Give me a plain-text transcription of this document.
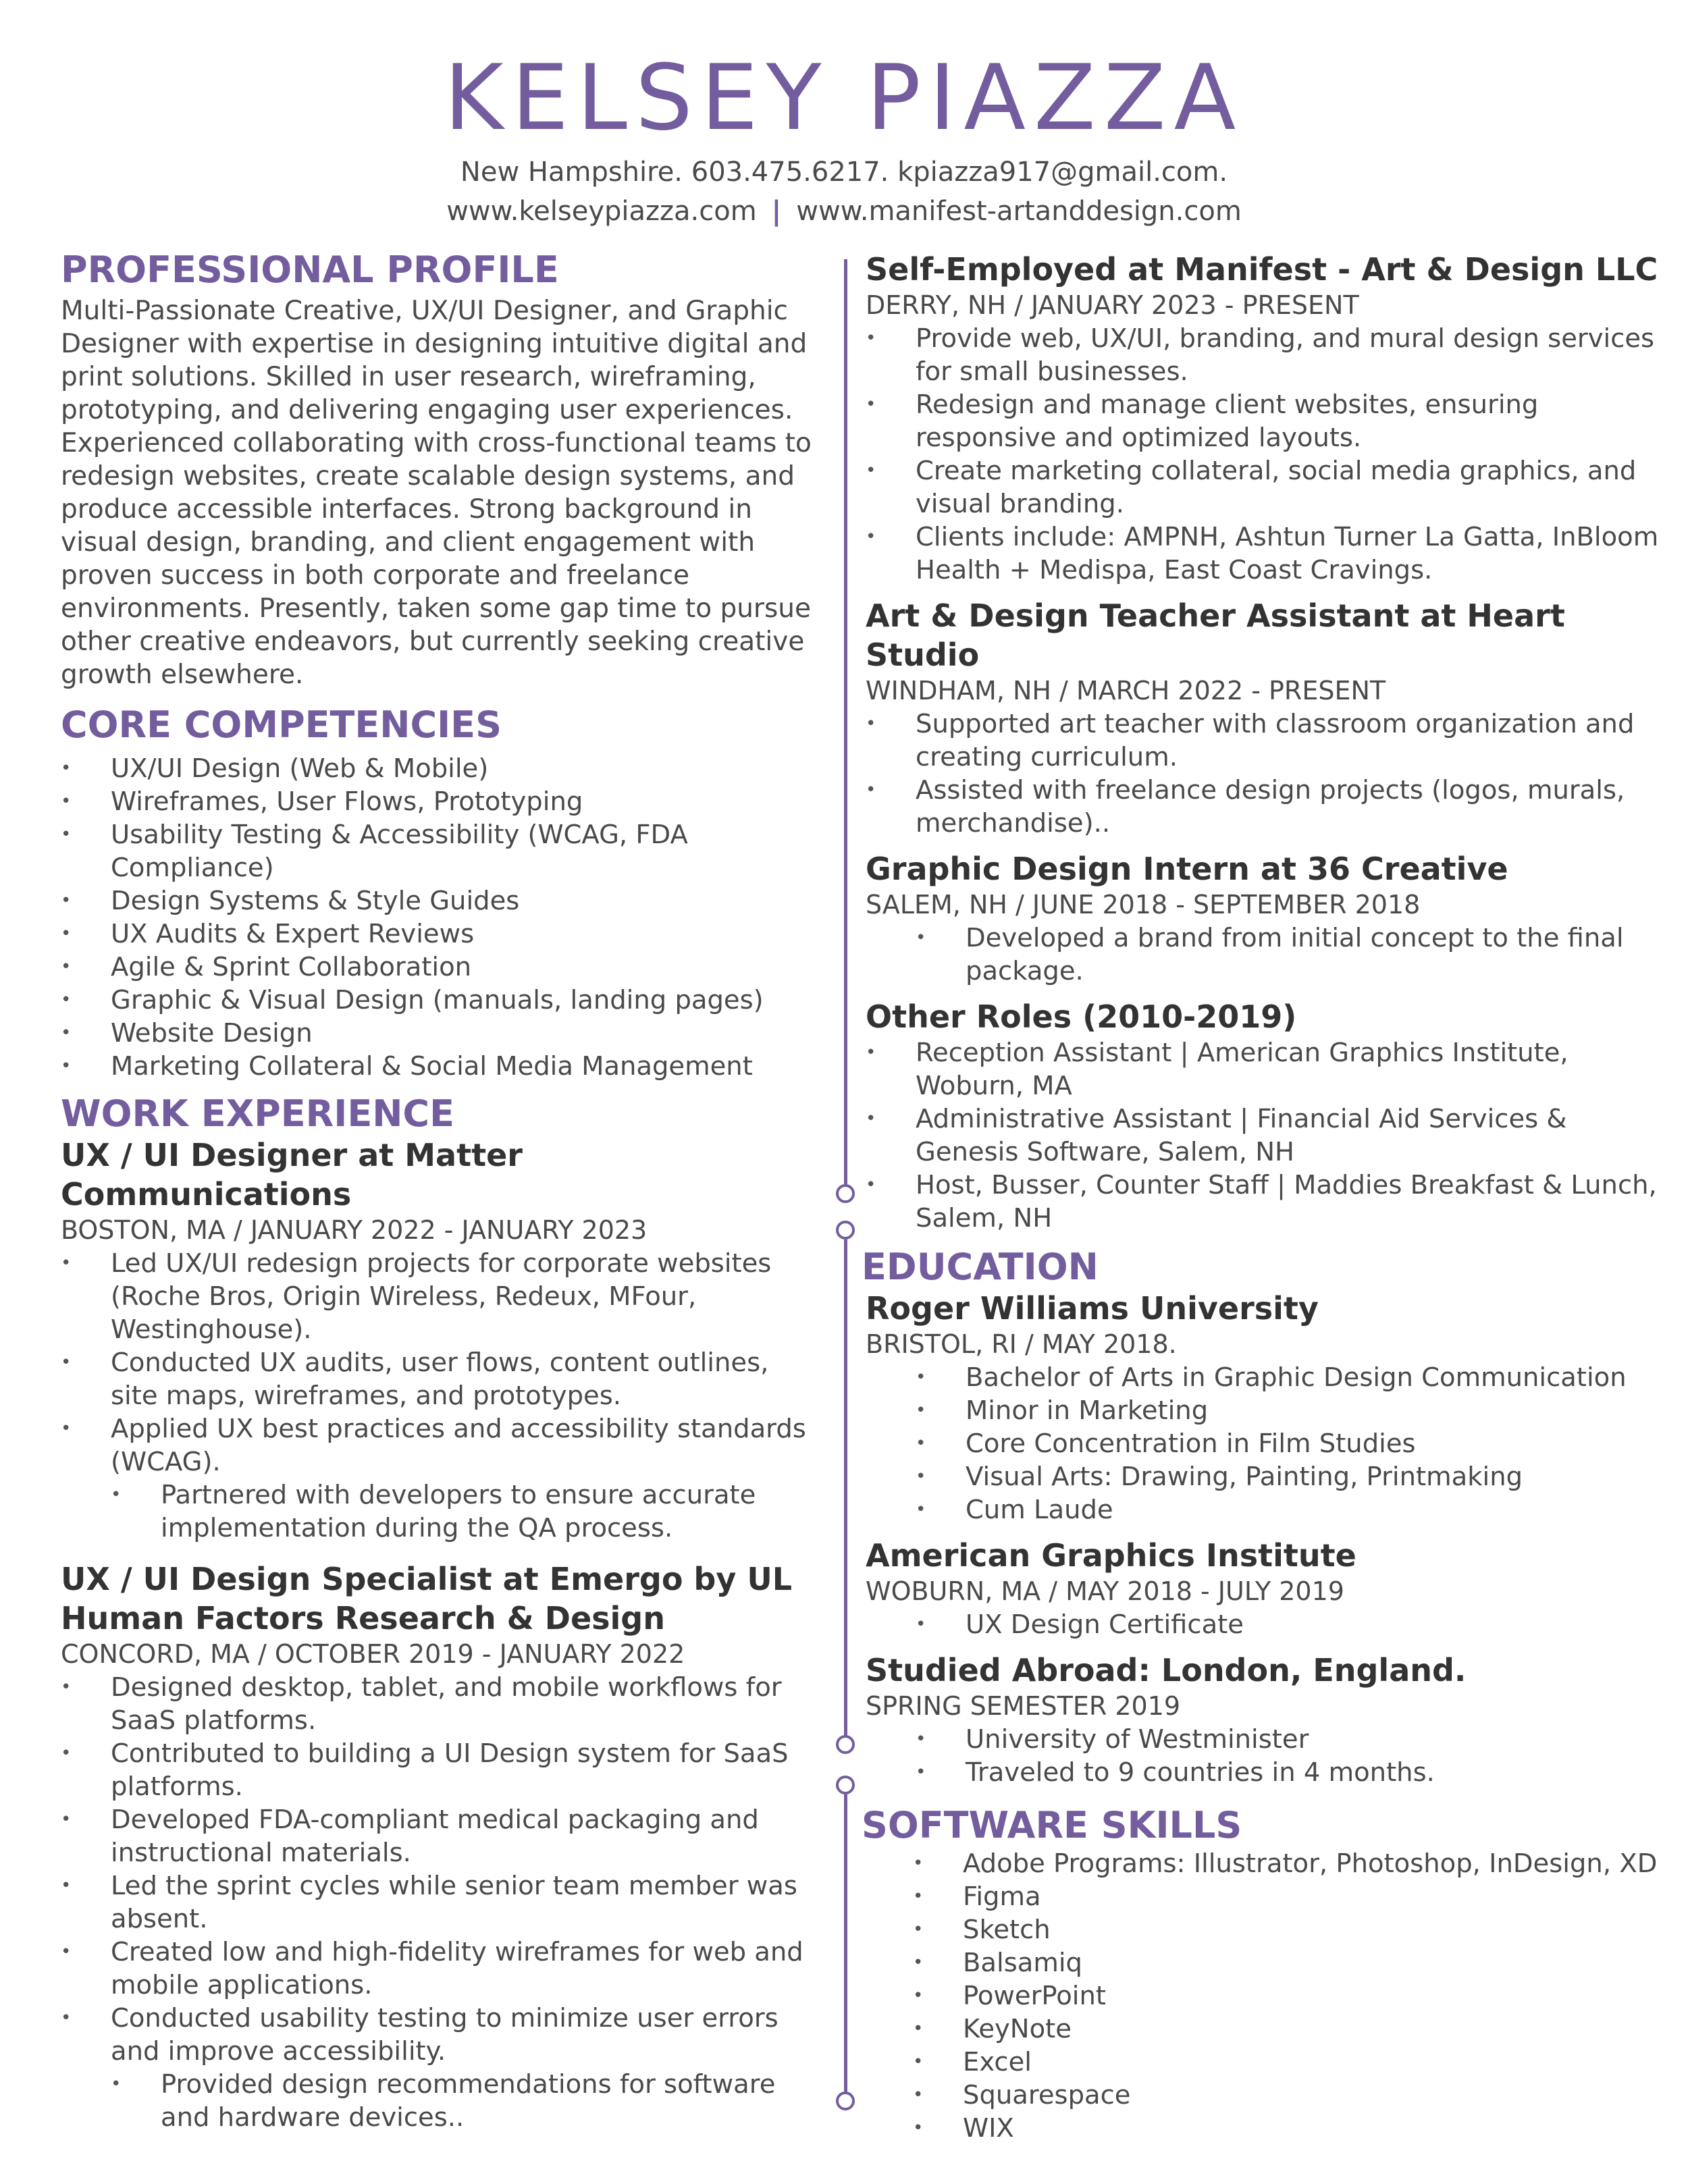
KELSEY PIAZZA
New Hampshire. 603.475.6217. kpiazza917@gmail.com.
www.kelseypiazza.com | www.manifest-artanddesign.com
PROFESSIONAL PROFILE

Multi-Passionate Creative, UX/UI Designer, and Graphic Designer with expertise in designing intuitive digital and print solutions. Skilled in user research, wireframing, prototyping, and delivering engaging user experiences. Experienced collaborating with cross-functional teams to redesign websites, create scalable design systems, and produce accessible interfaces. Strong background in visual design, branding, and client engagement with proven success in both corporate and freelance environments. Presently, taken some gap time to pursue other creative endeavors, but currently seeking creative growth elsewhere.

CORE COMPETENCIES
• UX/UI Design (Web & Mobile)
• Wireframes, User Flows, Prototyping
• Usability Testing & Accessibility (WCAG, FDA Compliance)
• Design Systems & Style Guides
• UX Audits & Expert Reviews
• Agile & Sprint Collaboration
• Graphic & Visual Design (manuals, landing pages)
• Website Design
• Marketing Collateral & Social Media Management
WORK EXPERIENCE
UX / UI Designer at Matter Communications
BOSTON, MA / JANUARY 2022 - JANUARY 2023
• Led UX/UI redesign projects for corporate websites (Roche Bros, Origin Wireless, Redeux, MFour, Westinghouse).
• Conducted UX audits, user flows, content outlines, site maps, wireframes, and prototypes.
• Applied UX best practices and accessibility standards (WCAG).
• Partnered with developers to ensure accurate implementation during the QA process.
UX / UI Design Specialist at Emergo by UL Human Factors Research & Design
CONCORD, MA / OCTOBER 2019 - JANUARY 2022
• Designed desktop, tablet, and mobile workflows for SaaS platforms.
• Contributed to building a UI Design system for SaaS platforms.
• Developed FDA-compliant medical packaging and instructional materials.
• Led the sprint cycles while senior team member was absent.
• Created low and high-fidelity wireframes for web and mobile applications.
• Conducted usability testing to minimize user errors and improve accessibility.
• Provided design recommendations for software and hardware devices..
Self-Employed at Manifest - Art & Design LLC
DERRY, NH / JANUARY 2023 - PRESENT
• Provide web, UX/UI, branding, and mural design services for small businesses.
• Redesign and manage client websites, ensuring responsive and optimized layouts.
• Create marketing collateral, social media graphics, and visual branding.
• Clients include: AMPNH, Ashtun Turner La Gatta, InBloom Health + Medispa, East Coast Cravings.
Art & Design Teacher Assistant at Heart Studio
WINDHAM, NH / MARCH 2022 - PRESENT
• Supported art teacher with classroom organization and creating curriculum.
• Assisted with freelance design projects (logos, murals, merchandise)..
Graphic Design Intern at 36 Creative
SALEM, NH / JUNE 2018 - SEPTEMBER 2018
• Developed a brand from initial concept to the final package.
Other Roles (2010-2019)
• Reception Assistant | American Graphics Institute, Woburn, MA
• Administrative Assistant | Financial Aid Services & Genesis Software, Salem, NH
• Host, Busser, Counter Staff | Maddies Breakfast & Lunch, Salem, NH
EDUCATION
Roger Williams University
BRISTOL, RI / MAY 2018.
• Bachelor of Arts in Graphic Design Communication
• Minor in Marketing
• Core Concentration in Film Studies
• Visual Arts: Drawing, Painting, Printmaking
• Cum Laude
American Graphics Institute
WOBURN, MA / MAY 2018 - JULY 2019
• UX Design Certificate
Studied Abroad: London, England.
SPRING SEMESTER 2019
• University of Westminister
• Traveled to 9 countries in 4 months.
SOFTWARE SKILLS
• Adobe Programs: Illustrator, Photoshop, InDesign, XD
• Figma
• Sketch
• Balsamiq
• PowerPoint
• KeyNote
• Excel
• Squarespace
• WIX
